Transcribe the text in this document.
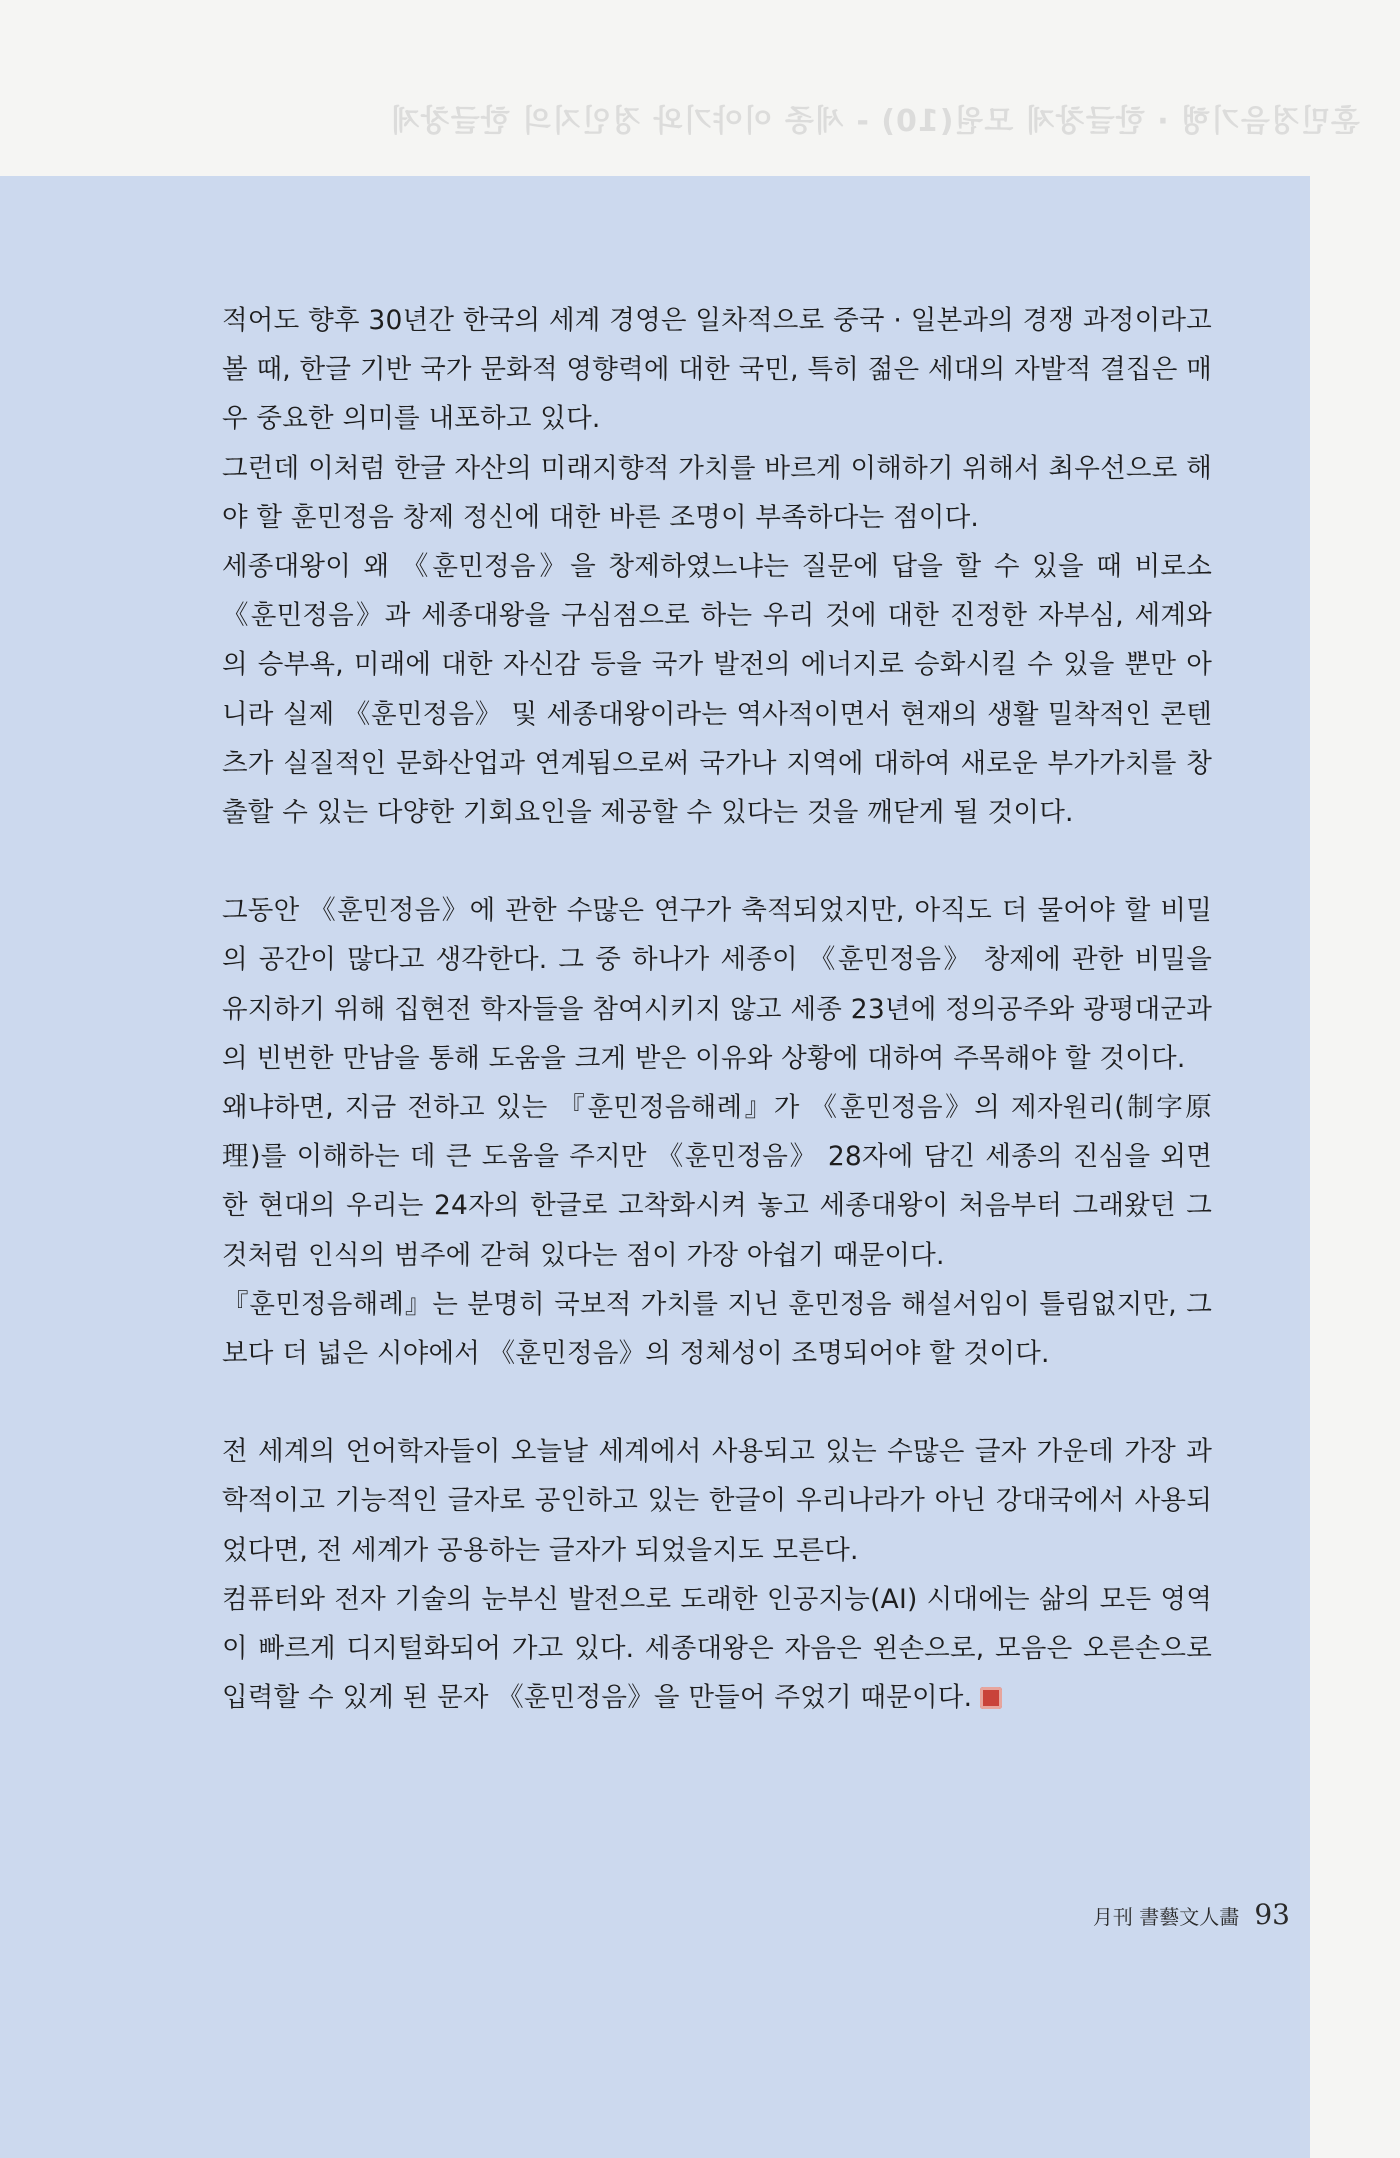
훈민정음기행 · 한글창제 모원(10) - 세종 이야기와 정인지의 한글창제

적어도 향후 30년간 한국의 세계 경영은 일차적으로 중국 · 일본과의 경쟁 과정이라고 볼 때, 한글 기반 국가 문화적 영향력에 대한 국민, 특히 젊은 세대의 자발적 결집은 매우 중요한 의미를 내포하고 있다.

그런데 이처럼 한글 자산의 미래지향적 가치를 바르게 이해하기 위해서 최우선으로 해야 할 훈민정음 창제 정신에 대한 바른 조명이 부족하다는 점이다.

세종대왕이 왜 《훈민정음》을 창제하였느냐는 질문에 답을 할 수 있을 때 비로소 《훈민정음》과 세종대왕을 구심점으로 하는 우리 것에 대한 진정한 자부심, 세계와의 승부욕, 미래에 대한 자신감 등을 국가 발전의 에너지로 승화시킬 수 있을 뿐만 아니라 실제 《훈민정음》 및 세종대왕이라는 역사적이면서 현재의 생활 밀착적인 콘텐츠가 실질적인 문화산업과 연계됨으로써 국가나 지역에 대하여 새로운 부가가치를 창출할 수 있는 다양한 기회요인을 제공할 수 있다는 것을 깨닫게 될 것이다.

그동안 《훈민정음》에 관한 수많은 연구가 축적되었지만, 아직도 더 물어야 할 비밀의 공간이 많다고 생각한다. 그 중 하나가 세종이 《훈민정음》 창제에 관한 비밀을 유지하기 위해 집현전 학자들을 참여시키지 않고 세종 23년에 정의공주와 광평대군과의 빈번한 만남을 통해 도움을 크게 받은 이유와 상황에 대하여 주목해야 할 것이다.

왜냐하면, 지금 전하고 있는 『훈민정음해례』가 《훈민정음》의 제자원리(制字原理)를 이해하는 데 큰 도움을 주지만 《훈민정음》 28자에 담긴 세종의 진심을 외면한 현대의 우리는 24자의 한글로 고착화시켜 놓고 세종대왕이 처음부터 그래왔던 그것처럼 인식의 범주에 갇혀 있다는 점이 가장 아쉽기 때문이다.

『훈민정음해례』는 분명히 국보적 가치를 지닌 훈민정음 해설서임이 틀림없지만, 그보다 더 넓은 시야에서 《훈민정음》의 정체성이 조명되어야 할 것이다.

전 세계의 언어학자들이 오늘날 세계에서 사용되고 있는 수많은 글자 가운데 가장 과학적이고 기능적인 글자로 공인하고 있는 한글이 우리나라가 아닌 강대국에서 사용되었다면, 전 세계가 공용하는 글자가 되었을지도 모른다.

컴퓨터와 전자 기술의 눈부신 발전으로 도래한 인공지능(AI) 시대에는 삶의 모든 영역이 빠르게 디지털화되어 가고 있다. 세종대왕은 자음은 왼손으로, 모음은 오른손으로 입력할 수 있게 된 문자 《훈민정음》을 만들어 주었기 때문이다.

月刊 書藝文人畵 93
